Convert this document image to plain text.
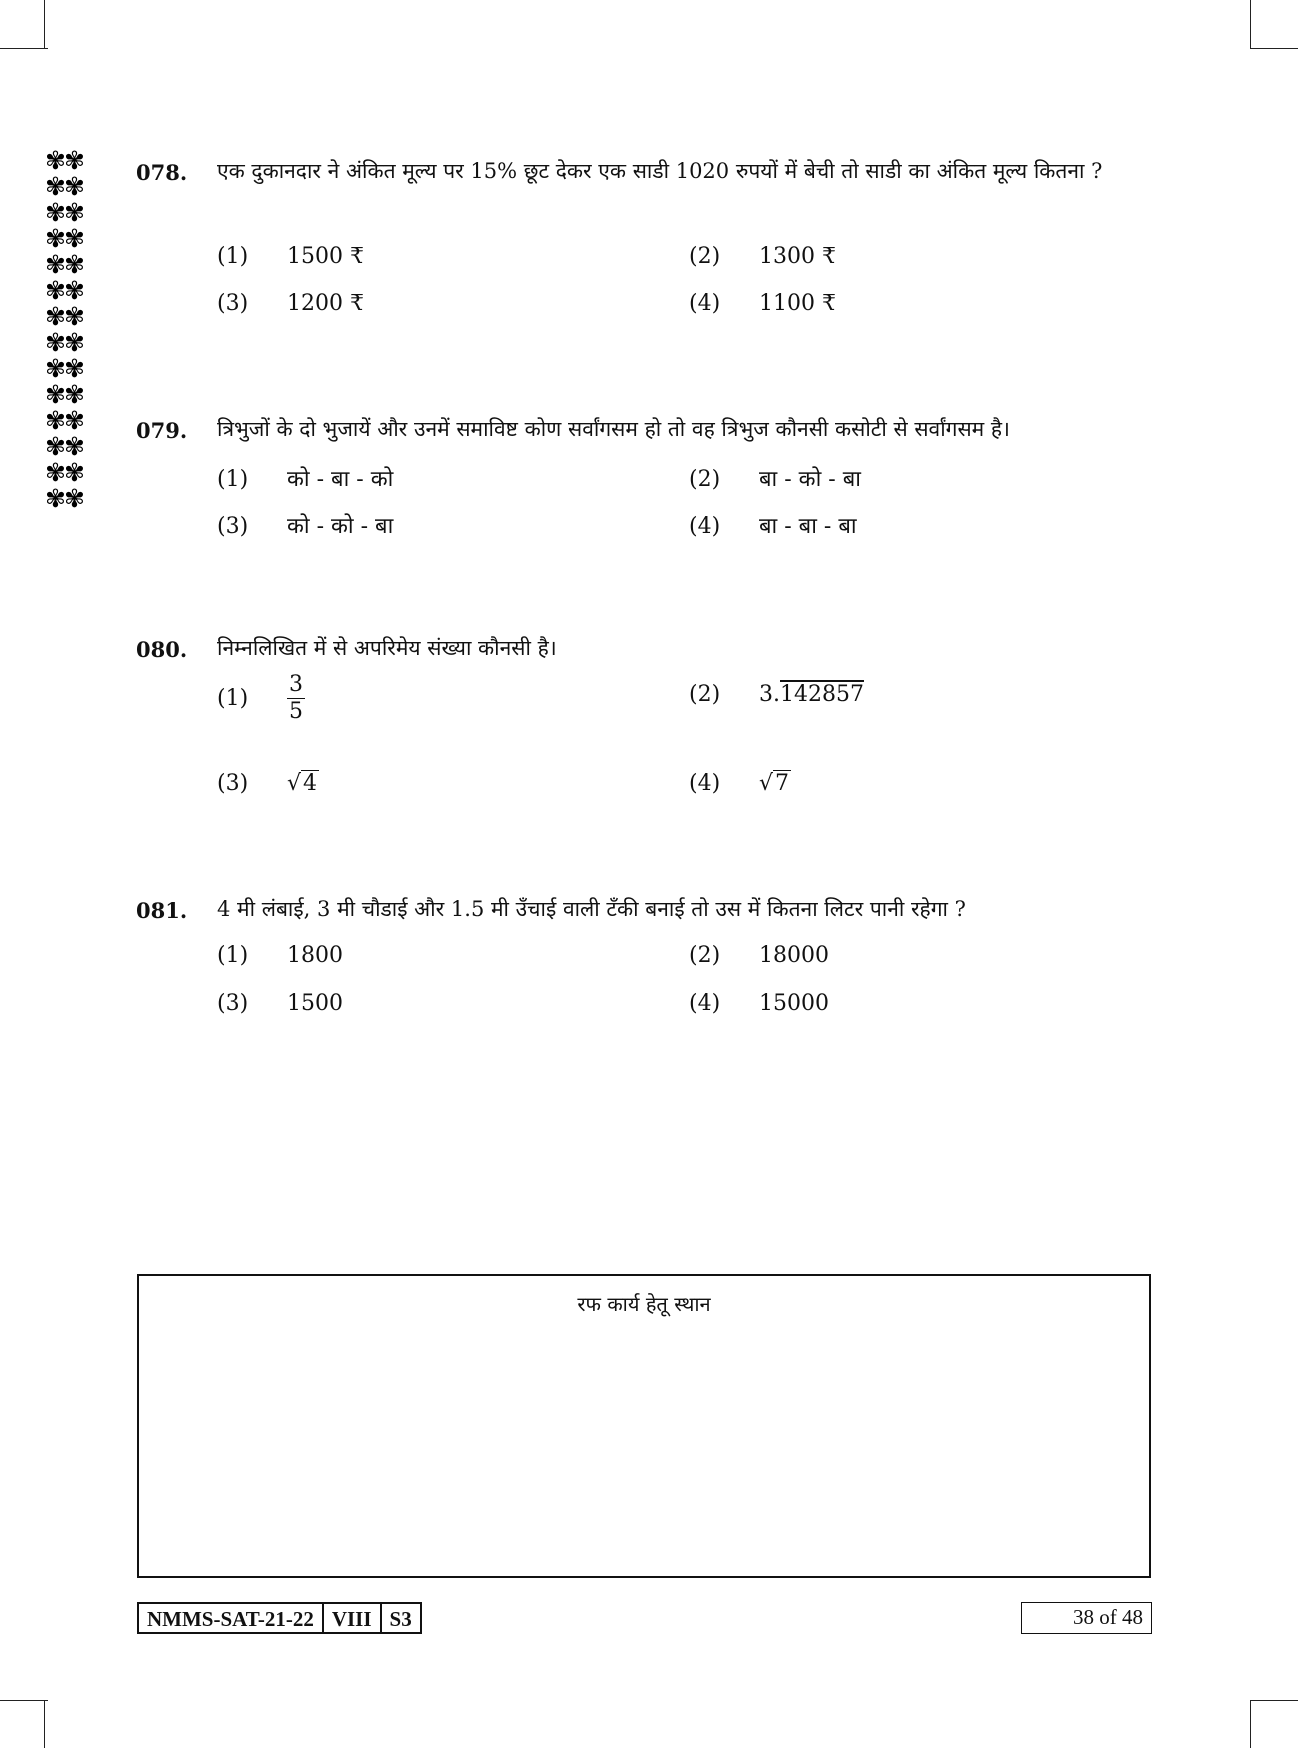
✾✾
✾✾
✾✾
✾✾
✾✾
✾✾
✾✾
✾✾
✾✾
✾✾
✾✾
✾✾
✾✾
✾✾
078. एक दुकानदार ने अंकित मूल्य पर 15% छूट देकर एक साडी 1020 रुपयों में बेची तो साडी का अंकित मूल्य कितना ?
(1) 1500 ₹	(2) 1300 ₹
(3) 1200 ₹	(4) 1100 ₹
079. त्रिभुजों के दो भुजायें और उनमें समाविष्ट कोण सर्वांगसम हो तो वह त्रिभुज कौनसी कसोटी से सर्वांगसम है।
(1) को - बा - को	(2) बा - को - बा
(3) को - को - बा	(4) बा - बा - बा
080. निम्नलिखित में से अपरिमेय संख्या कौनसी है।
$(1) \frac{3}{5}$	(2) 3.142857
(3) √4	(4) √7
081. 4 मी लंबाई, 3 मी चौडाई और 1.5 मी उँचाई वाली टँकी बनाई तो उस में कितना लिटर पानी रहेगा ?
(1) 1800	(2) 18000
(3) 1500	(4) 15000
रफ कार्य हेतू स्थान
NMMS-SAT-21-22 VIII S3	38 of 48
